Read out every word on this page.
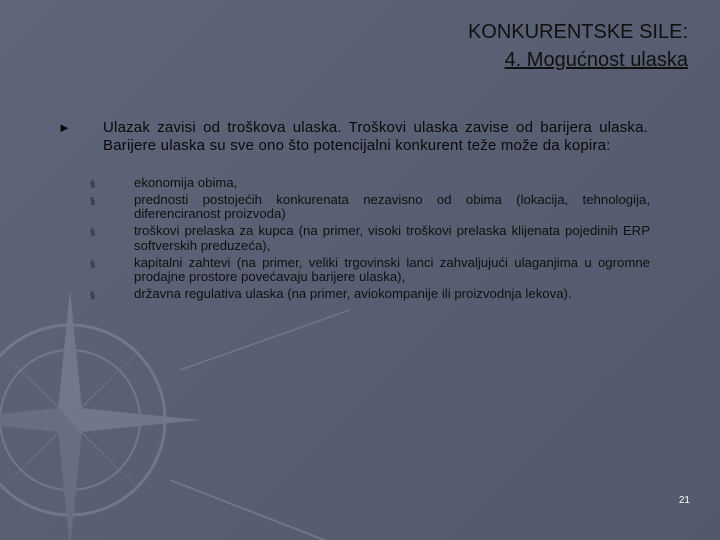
KONKURENTSKE SILE:
4. Mogućnost ulaska
► Ulazak zavisi od troškova ulaska. Troškovi ulaska zavise od barijera ulaska. Barijere ulaska su sve ono što potencijalni konkurent teže može da kopira:
§	ekonomija obima,
§	prednosti postojećih konkurenata nezavisno od obima (lokacija, tehnologija, diferenciranost proizvoda)
§	troškovi prelaska za kupca (na primer, visoki troškovi prelaska klijenata pojedinih ERP softverskih preduzeća),
§	kapitalni zahtevi (na primer, veliki trgovinski lanci zahvaljujući ulaganjima u ogromne prodajne prostore povećavaju barijere ulaska),
§	državna regulativa ulaska (na primer, aviokompanije ili proizvodnja lekova).
21
